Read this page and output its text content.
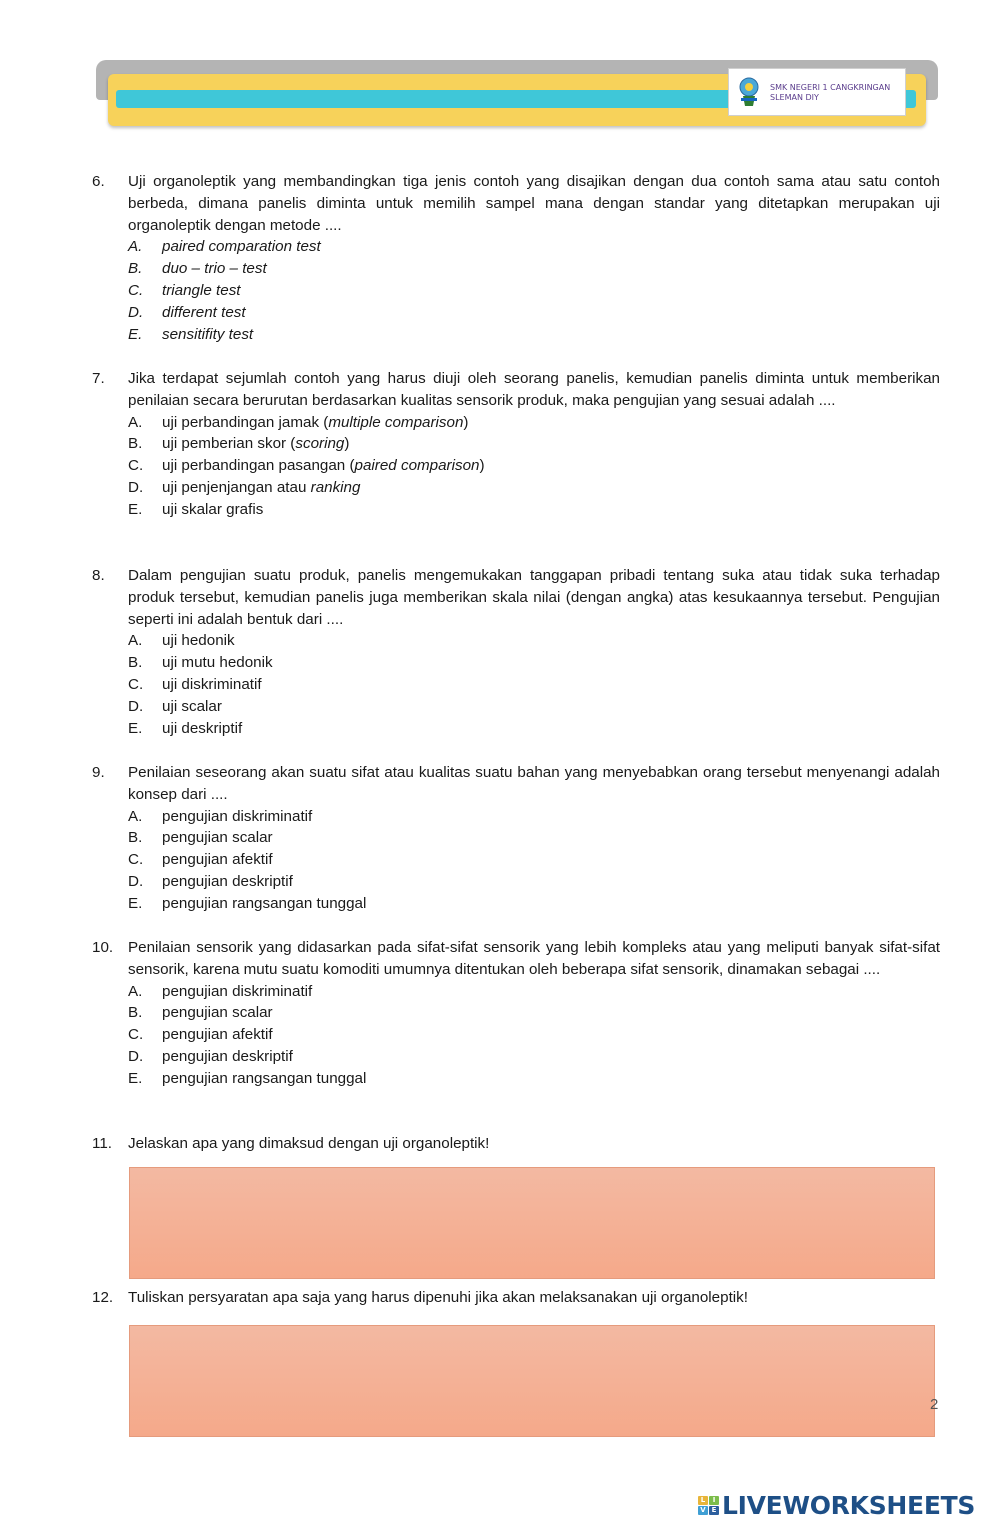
SMK NEGERI 1 CANGKRINGAN
SLEMAN DIY
6. Uji organoleptik yang membandingkan tiga jenis contoh yang disajikan dengan dua contoh sama atau satu contoh berbeda, dimana panelis diminta untuk memilih sampel mana dengan standar yang ditetapkan merupakan uji organoleptik dengan metode ....
A. paired comparation test
B. duo – trio – test
C. triangle test
D. different test
E. sensitifity test
7. Jika terdapat sejumlah contoh yang harus diuji oleh seorang panelis, kemudian panelis diminta untuk memberikan penilaian secara berurutan berdasarkan kualitas sensorik produk, maka pengujian yang sesuai adalah ....
A. uji perbandingan jamak (multiple comparison)
B. uji pemberian skor (scoring)
C. uji perbandingan pasangan (paired comparison)
D. uji penjenjangan atau ranking
E. uji skalar grafis
8. Dalam pengujian suatu produk, panelis mengemukakan tanggapan pribadi tentang suka atau tidak suka terhadap produk tersebut, kemudian panelis juga memberikan skala nilai (dengan angka) atas kesukaannya tersebut. Pengujian seperti ini adalah bentuk dari ....
A. uji hedonik
B. uji mutu hedonik
C. uji diskriminatif
D. uji scalar
E. uji deskriptif
9. Penilaian seseorang akan suatu sifat atau kualitas suatu bahan yang menyebabkan orang tersebut menyenangi adalah konsep dari ....
A. pengujian diskriminatif
B. pengujian scalar
C. pengujian afektif
D. pengujian deskriptif
E. pengujian rangsangan tunggal
10. Penilaian sensorik yang didasarkan pada sifat-sifat sensorik yang lebih kompleks atau yang meliputi banyak sifat-sifat sensorik, karena mutu suatu komoditi umumnya ditentukan oleh beberapa sifat sensorik, dinamakan sebagai ....
A. pengujian diskriminatif
B. pengujian scalar
C. pengujian afektif
D. pengujian deskriptif
E. pengujian rangsangan tunggal
11. Jelaskan apa yang dimaksud dengan uji organoleptik!
12. Tuliskan persyaratan apa saja yang harus dipenuhi jika akan melaksanakan uji organoleptik!
2
L	I
V E LIVEWORKSHEETS
